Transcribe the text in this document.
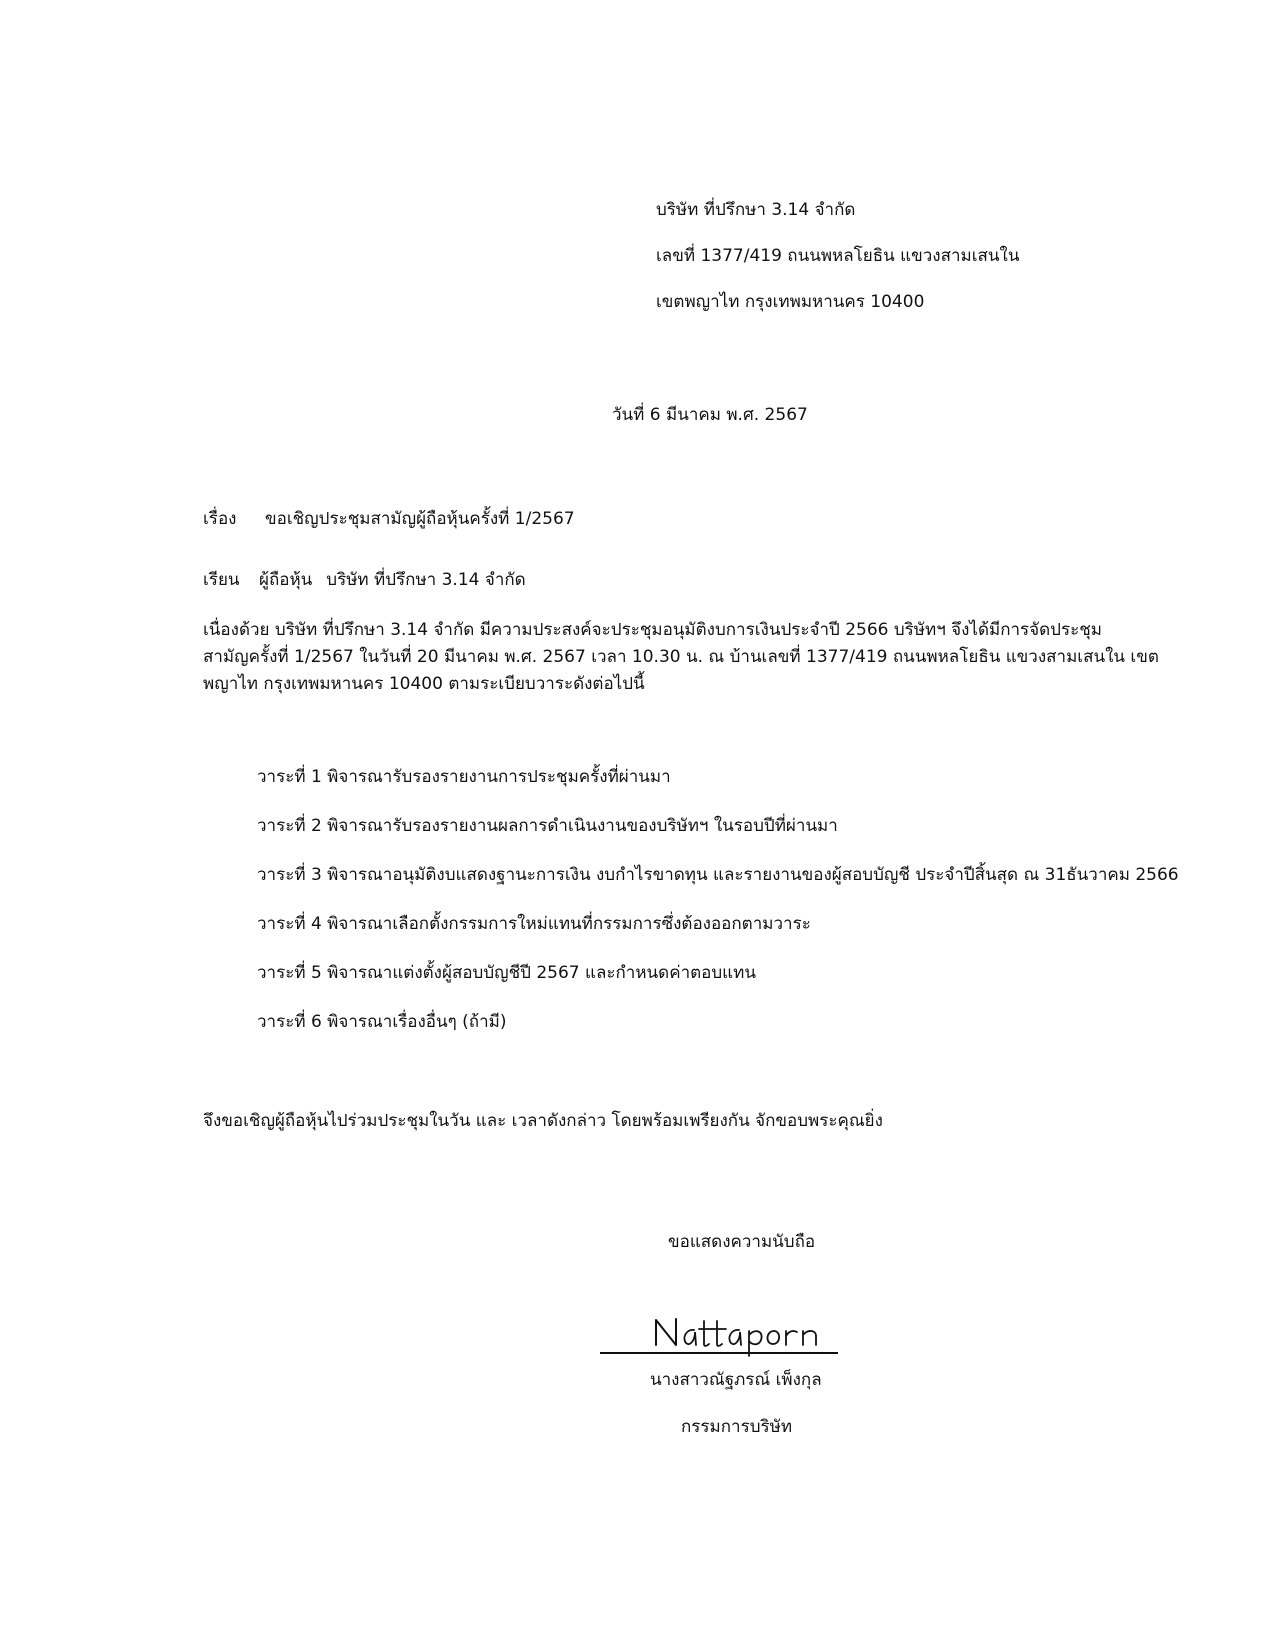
บริษัท ที่ปรึกษา 3.14 จำกัด
เลขที่ 1377/419 ถนนพหลโยธิน แขวงสามเสนใน
เขตพญาไท กรุงเทพมหานคร 10400
วันที่ 6 มีนาคม พ.ศ. 2567
เรื่อง ขอเชิญประชุมสามัญผู้ถือหุ้นครั้งที่ 1/2567
เรียน ผู้ถือหุ้น บริษัท ที่ปรึกษา 3.14 จำกัด
เนื่องด้วย บริษัท ที่ปรึกษา 3.14 จำกัด มีความประสงค์จะประชุมอนุมัติงบการเงินประจำปี 2566 บริษัทฯ จึงได้มีการจัดประชุม
สามัญครั้งที่ 1/2567 ในวันที่ 20 มีนาคม พ.ศ. 2567 เวลา 10.30 น. ณ บ้านเลขที่ 1377/419 ถนนพหลโยธิน แขวงสามเสนใน เขต
พญาไท กรุงเทพมหานคร 10400 ตามระเบียบวาระดังต่อไปนี้
วาระที่ 1 พิจารณารับรองรายงานการประชุมครั้งที่ผ่านมา
วาระที่ 2 พิจารณารับรองรายงานผลการดำเนินงานของบริษัทฯ ในรอบปีที่ผ่านมา
วาระที่ 3 พิจารณาอนุมัติงบแสดงฐานะการเงิน งบกำไรขาดทุน และรายงานของผู้สอบบัญชี ประจำปีสิ้นสุด ณ 31ธันวาคม 2566
วาระที่ 4 พิจารณาเลือกตั้งกรรมการใหม่แทนที่กรรมการซึ่งต้องออกตามวาระ
วาระที่ 5 พิจารณาแต่งตั้งผู้สอบบัญชีปี 2567 และกำหนดค่าตอบแทน
วาระที่ 6 พิจารณาเรื่องอื่นๆ (ถ้ามี)
จึงขอเชิญผู้ถือหุ้นไปร่วมประชุมในวัน และ เวลาดังกล่าว โดยพร้อมเพรียงกัน จักขอบพระคุณยิ่ง
ขอแสดงความนับถือ
นางสาวณัฐภรณ์ เพ็งกุล
กรรมการบริษัท
